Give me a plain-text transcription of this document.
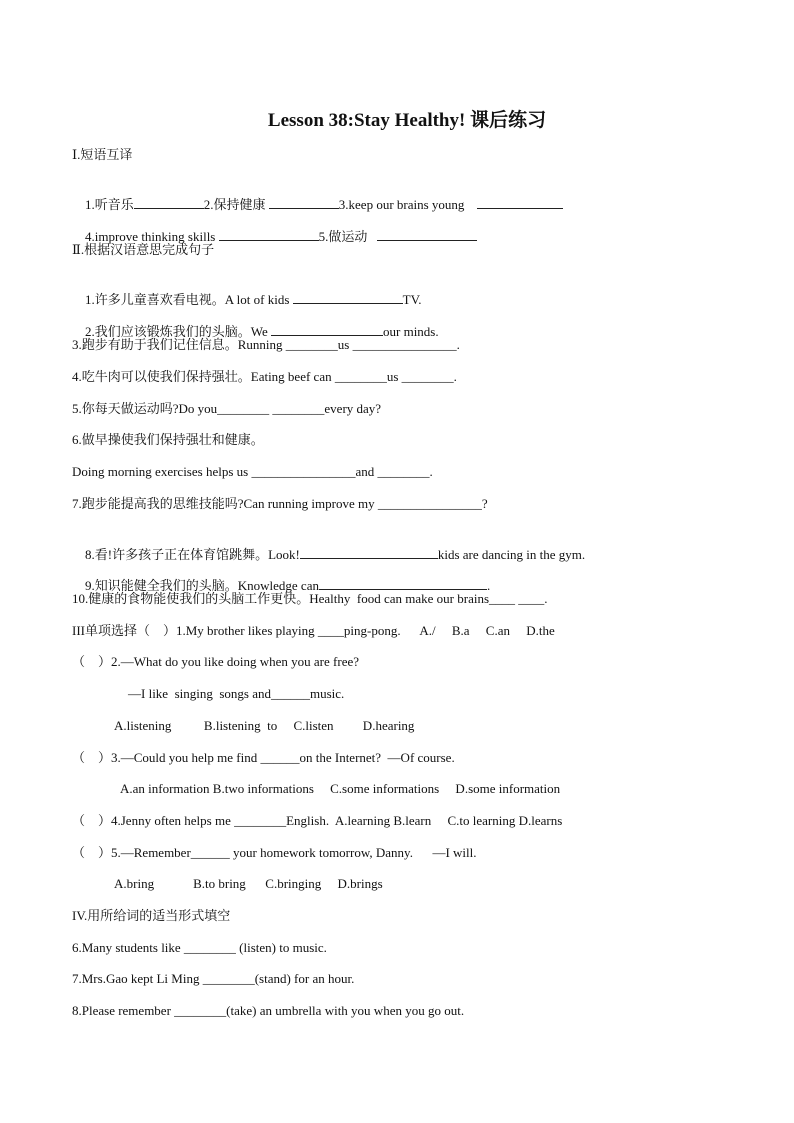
Lesson 38:Stay Healthy! 课后练习
Ⅰ.短语互译

1.听音乐	2.保持健康	3.keep our brains young

4.improve thinking skills	5.做运动

Ⅱ.根据汉语意思完成句子

1.许多儿童喜欢看电视。A lot of kids	TV.

2.我们应该锻炼我们的头脑。We	our minds.

3.跑步有助于我们记住信息。Running ________us ________________.
4.吃牛肉可以使我们保持强壮。Eating beef can ________us ________.
5.你每天做运动吗?Do you________ ________every day?
6.做早操使我们保持强壮和健康。
Doing morning exercises helps us ________________and ________.
7.跑步能提高我的思维技能吗?Can running improve my ________________?

8.看!许多孩子正在体育馆跳舞。Look!	kids are dancing in the gym.

9.知识能健全我们的头脑。Knowledge can	.

10.健康的食物能使我们的头脑工作更快。Healthy  food can make our brains____ ____.
III单项选择（    ）1.My brother likes playing ____ping-pong.      A./     B.a     C.an     D.the
（    ）2.—What do you like doing when you are free?
—I like  singing  songs and______music.
A.listening          B.listening  to     C.listen         D.hearing
（    ）3.—Could you help me find ______on the Internet?  —Of course.
A.an information B.two informations     C.some informations     D.some information
（    ）4.Jenny often helps me ________English.  A.learning B.learn     C.to learning D.learns
（    ）5.—Remember______ your homework tomorrow, Danny.      —I will.
A.bring            B.to bring      C.bringing     D.brings
IV.用所给词的适当形式填空
6.Many students like ________ (listen) to music.
7.Mrs.Gao kept Li Ming ________(stand) for an hour.
8.Please remember ________(take) an umbrella with you when you go out.
